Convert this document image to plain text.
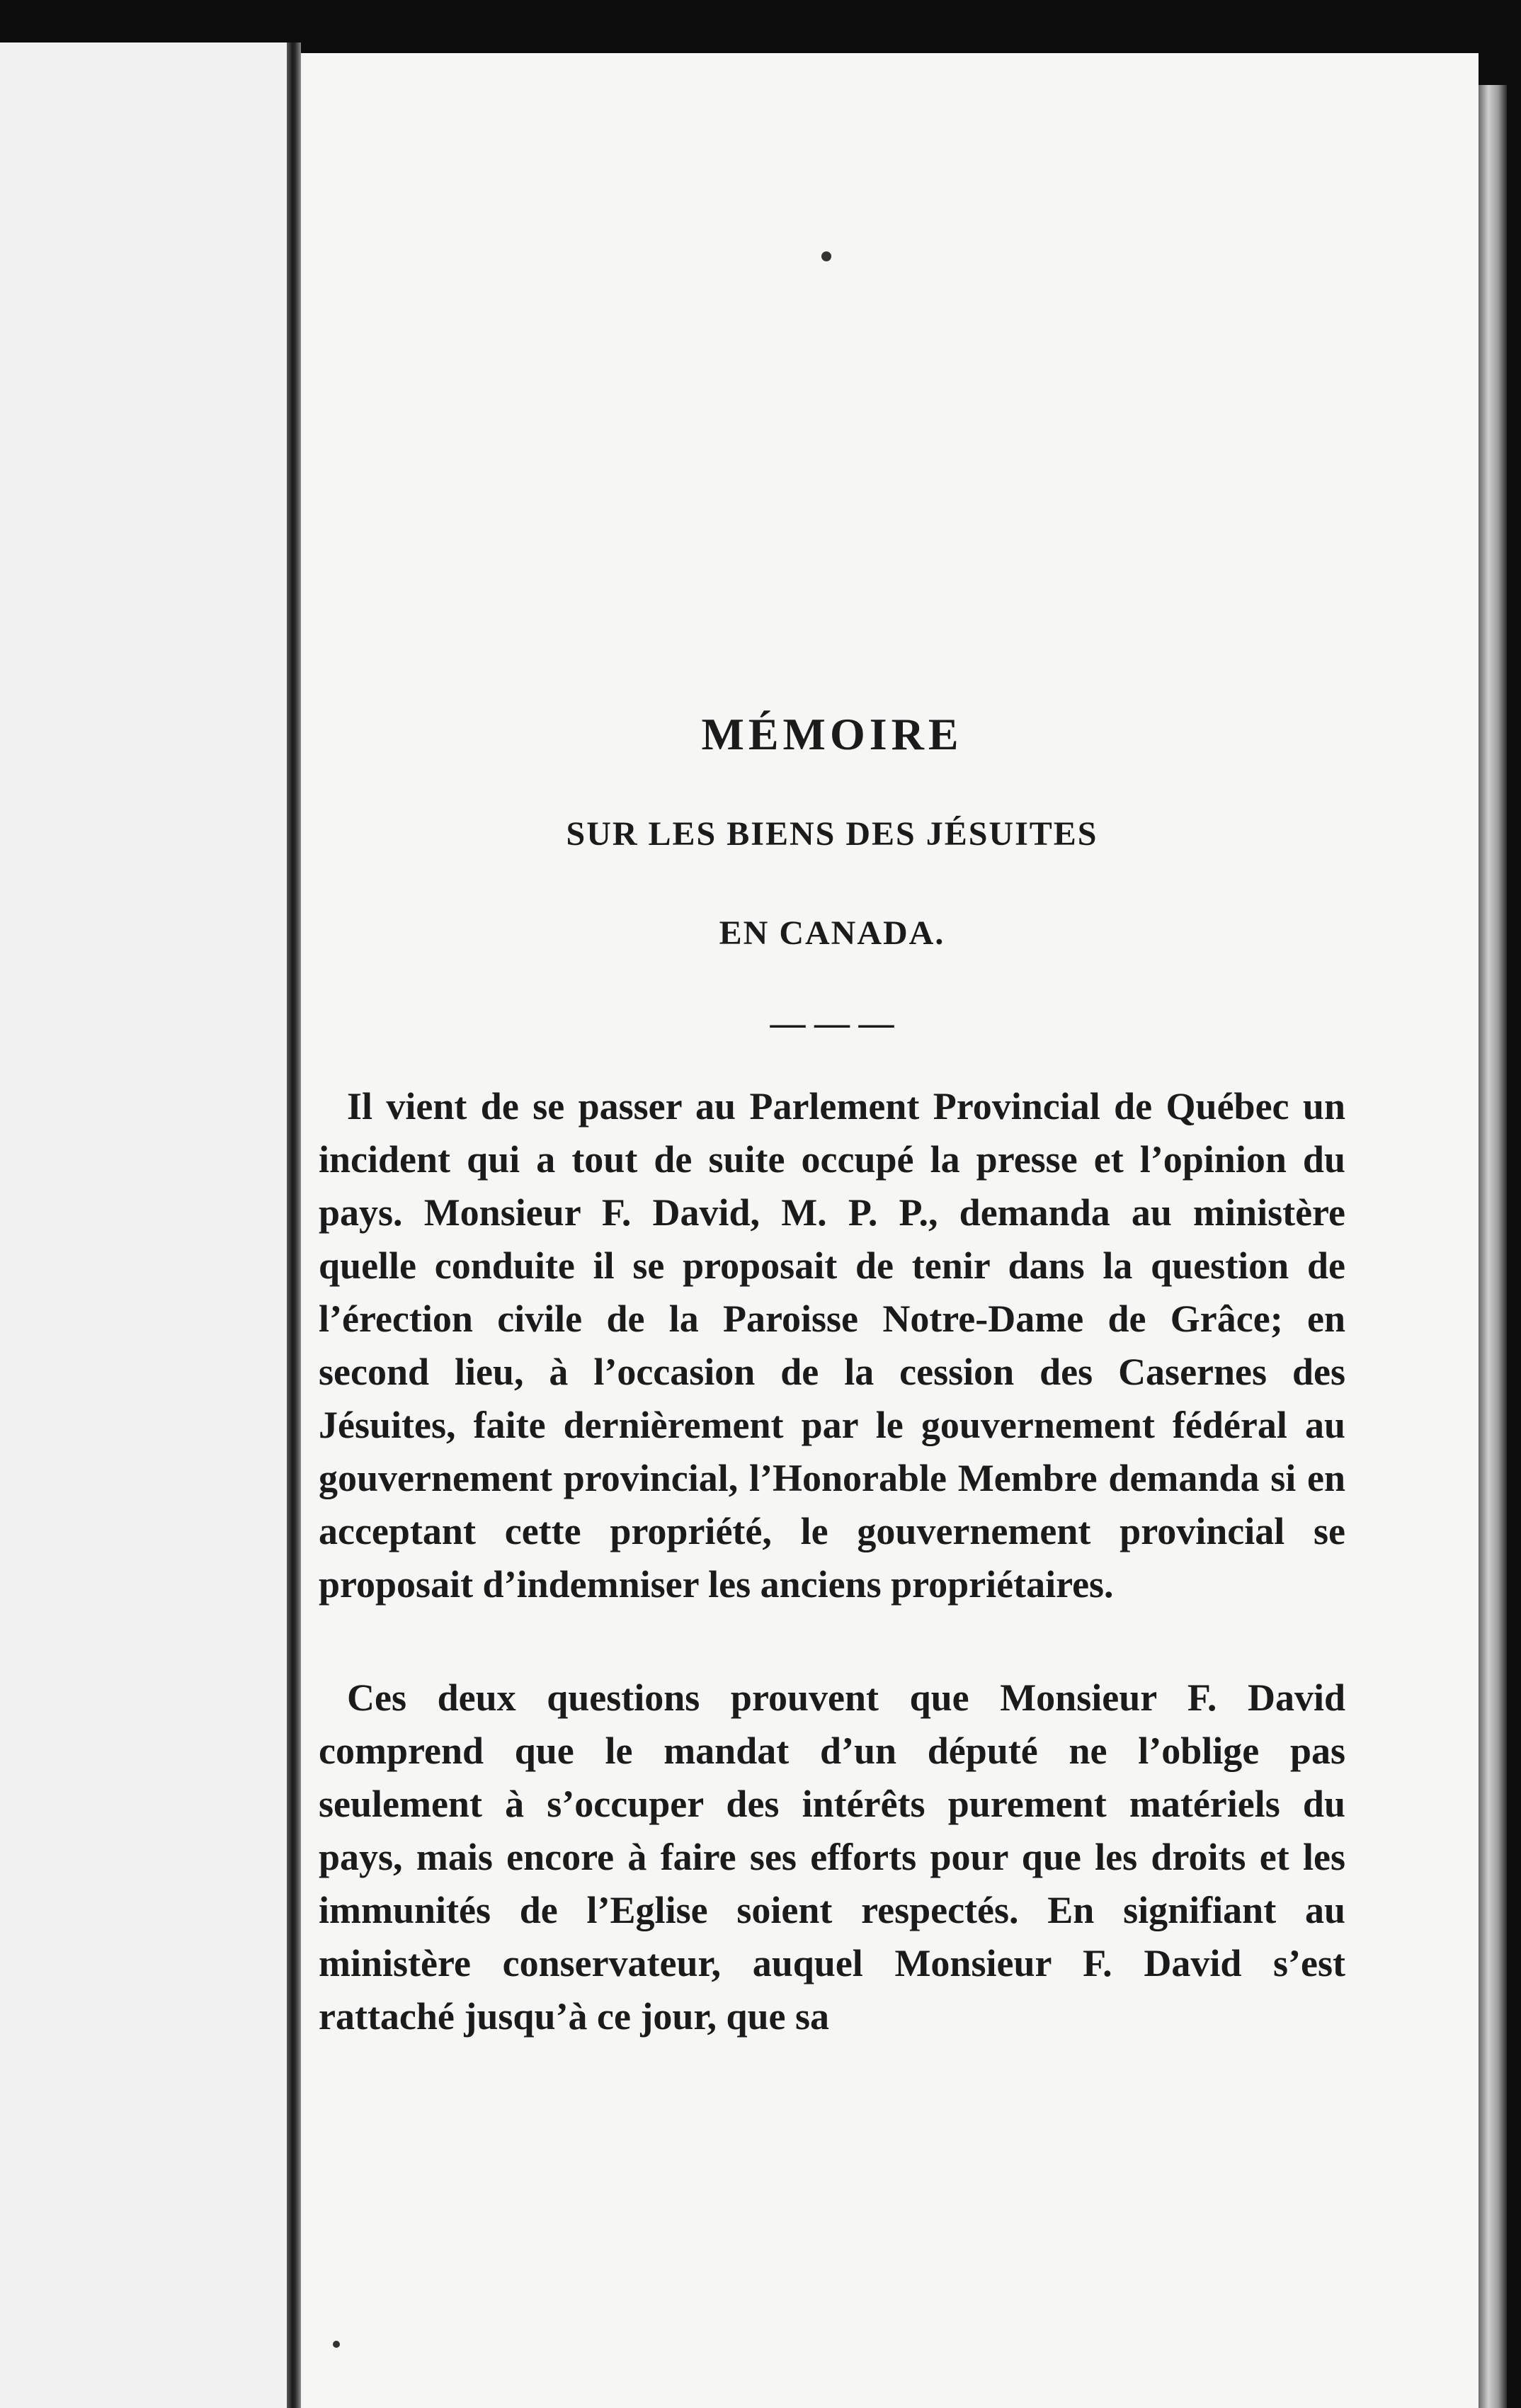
MÉMOIRE
SUR LES BIENS DES JÉSUITES
EN CANADA.
— — —

Il vient de se passer au Parlement Provincial de Québec un incident qui a tout de suite occupé la presse et l’opinion du pays. Monsieur F. David, M. P. P., demanda au ministère quelle conduite il se proposait de tenir dans la question de l’érection civile de la Paroisse Notre-Dame de Grâce; en second lieu, à l’occasion de la cession des Casernes des Jésuites, faite dernièrement par le gouvernement fédéral au gouvernement provincial, l’Honorable Membre demanda si en acceptant cette propriété, le gouvernement provincial se proposait d’indemniser les anciens propriétaires.

Ces deux questions prouvent que Monsieur F. David comprend que le mandat d’un député ne l’oblige pas seulement à s’occuper des intérêts purement matériels du pays, mais encore à faire ses efforts pour que les droits et les immunités de l’Eglise soient respectés. En signifiant au ministère conservateur, auquel Monsieur F. David s’est rattaché jusqu’à ce jour, que sa
